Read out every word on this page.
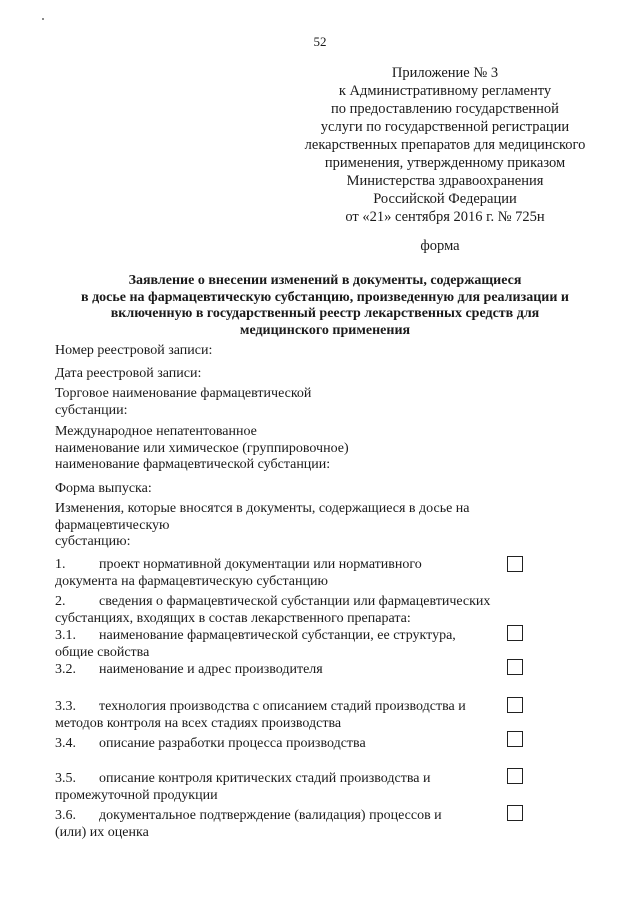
52
Приложение № 3
к Административному регламенту
по предоставлению государственной
услуги по государственной регистрации
лекарственных препаратов для медицинского
применения, утвержденному приказом
Министерства здравоохранения
Российской Федерации
от «21» сентября 2016 г. № 725н
форма
Заявление о внесении изменений в документы, содержащиеся
в досье на фармацевтическую субстанцию, произведенную для реализации и
включенную в государственный реестр лекарственных средств для
медицинского применения
Номер реестровой записи:
Дата реестровой записи:
Торговое наименование фармацевтической
субстанции:
Международное непатентованное
наименование или химическое (группировочное)
наименование фармацевтической субстанции:
Форма выпуска:
Изменения, которые вносятся в документы, содержащиеся в досье на
фармацевтическую
субстанцию:
1. проект нормативной документации или нормативного
документа на фармацевтическую субстанцию
2. сведения о фармацевтической субстанции или фармацевтических
субстанциях, входящих в состав лекарственного препарата:
3.1. наименование фармацевтической субстанции, ее структура,
общие свойства
3.2. наименование и адрес производителя
3.3. технология производства с описанием стадий производства и
методов контроля на всех стадиях производства
3.4. описание разработки процесса производства
3.5. описание контроля критических стадий производства и
промежуточной продукции
3.6. документальное подтверждение (валидация) процессов и
(или) их оценка
